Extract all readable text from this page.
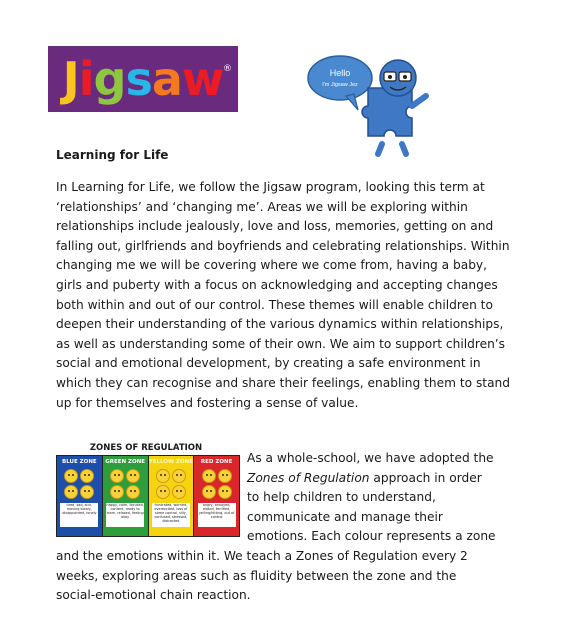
Jigsaw ®	Hello
I'm Jigsaw Jez
Learning for Life

In Learning for Life, we follow the Jigsaw program, looking this term at ‘relationships’ and ‘changing me’. Areas we will be exploring within relationships include jealously, love and loss, memories, getting on and falling out, girlfriends and boyfriends and celebrating relationships. Within changing me we will be covering where we come from, having a baby, girls and puberty with a focus on acknowledging and accepting changes both within and out of our control. These themes will enable children to deepen their understanding of the various dynamics within relationships, as well as understanding some of their own. We aim to support children’s social and emotional development, by creating a safe environment in which they can recognise and share their feelings, enabling them to stand up for themselves and fostering a sense of value.

ZONES OF REGULATION
BLUE ZONE
tired, sad, sick, moving slowly, disappointed, lonely
GREEN ZONE
happy, calm, focused, content, ready to learn, relaxed, feeling okay
YELLOW ZONE
frustrated, worried, overexcited, loss of some control, silly, confused, stressed, distracted
RED ZONE
angry, annoyed, elated, terrified, yelling/hitting, out of control

As a whole-school, we have adopted the

Zones of Regulation approach in order

to help children to understand,

communicate and manage their

emotions. Each colour represents a zone

and the emotions within it. We teach a Zones of Regulation every 2

weeks, exploring areas such as fluidity between the zone and the

social-emotional chain reaction.
